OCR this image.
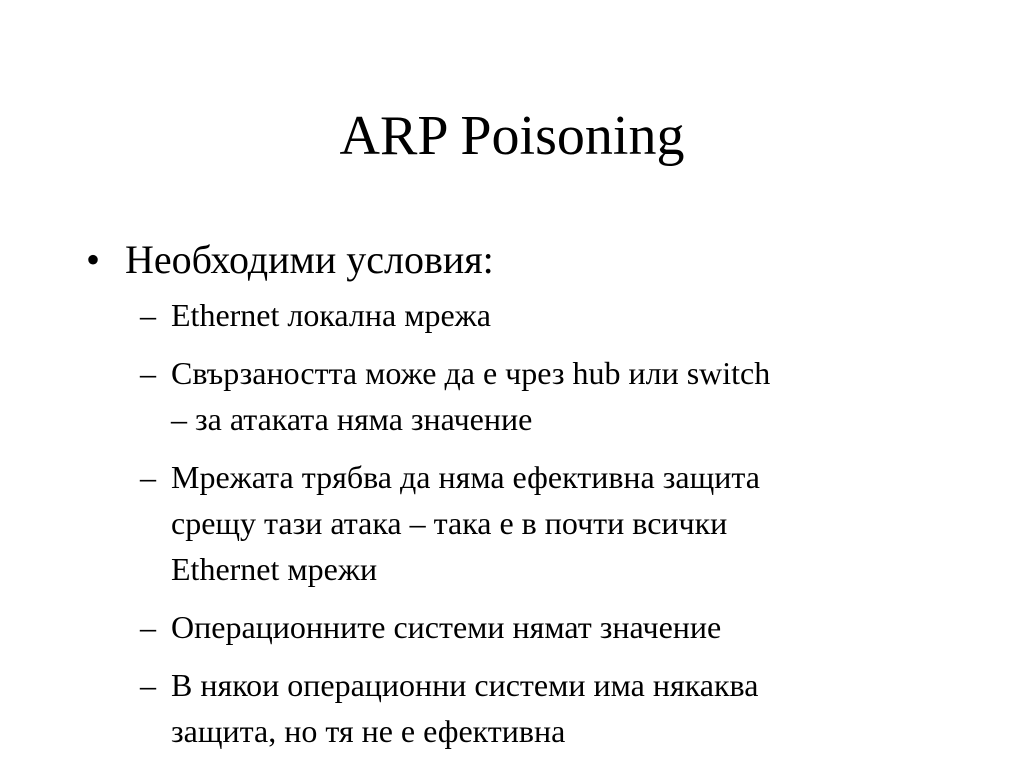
ARP Poisoning
• Необходими условия:
– Ethernet локална мрежа
– Свързаността може да е чрез hub или switch
– за атаката няма значение
– Мрежата трябва да няма ефективна защита
срещу тази атака – така е в почти всички
Ethernet мрежи
– Операционните системи нямат значение
– В някои операционни системи има някаква
защита, но тя не е ефективна
